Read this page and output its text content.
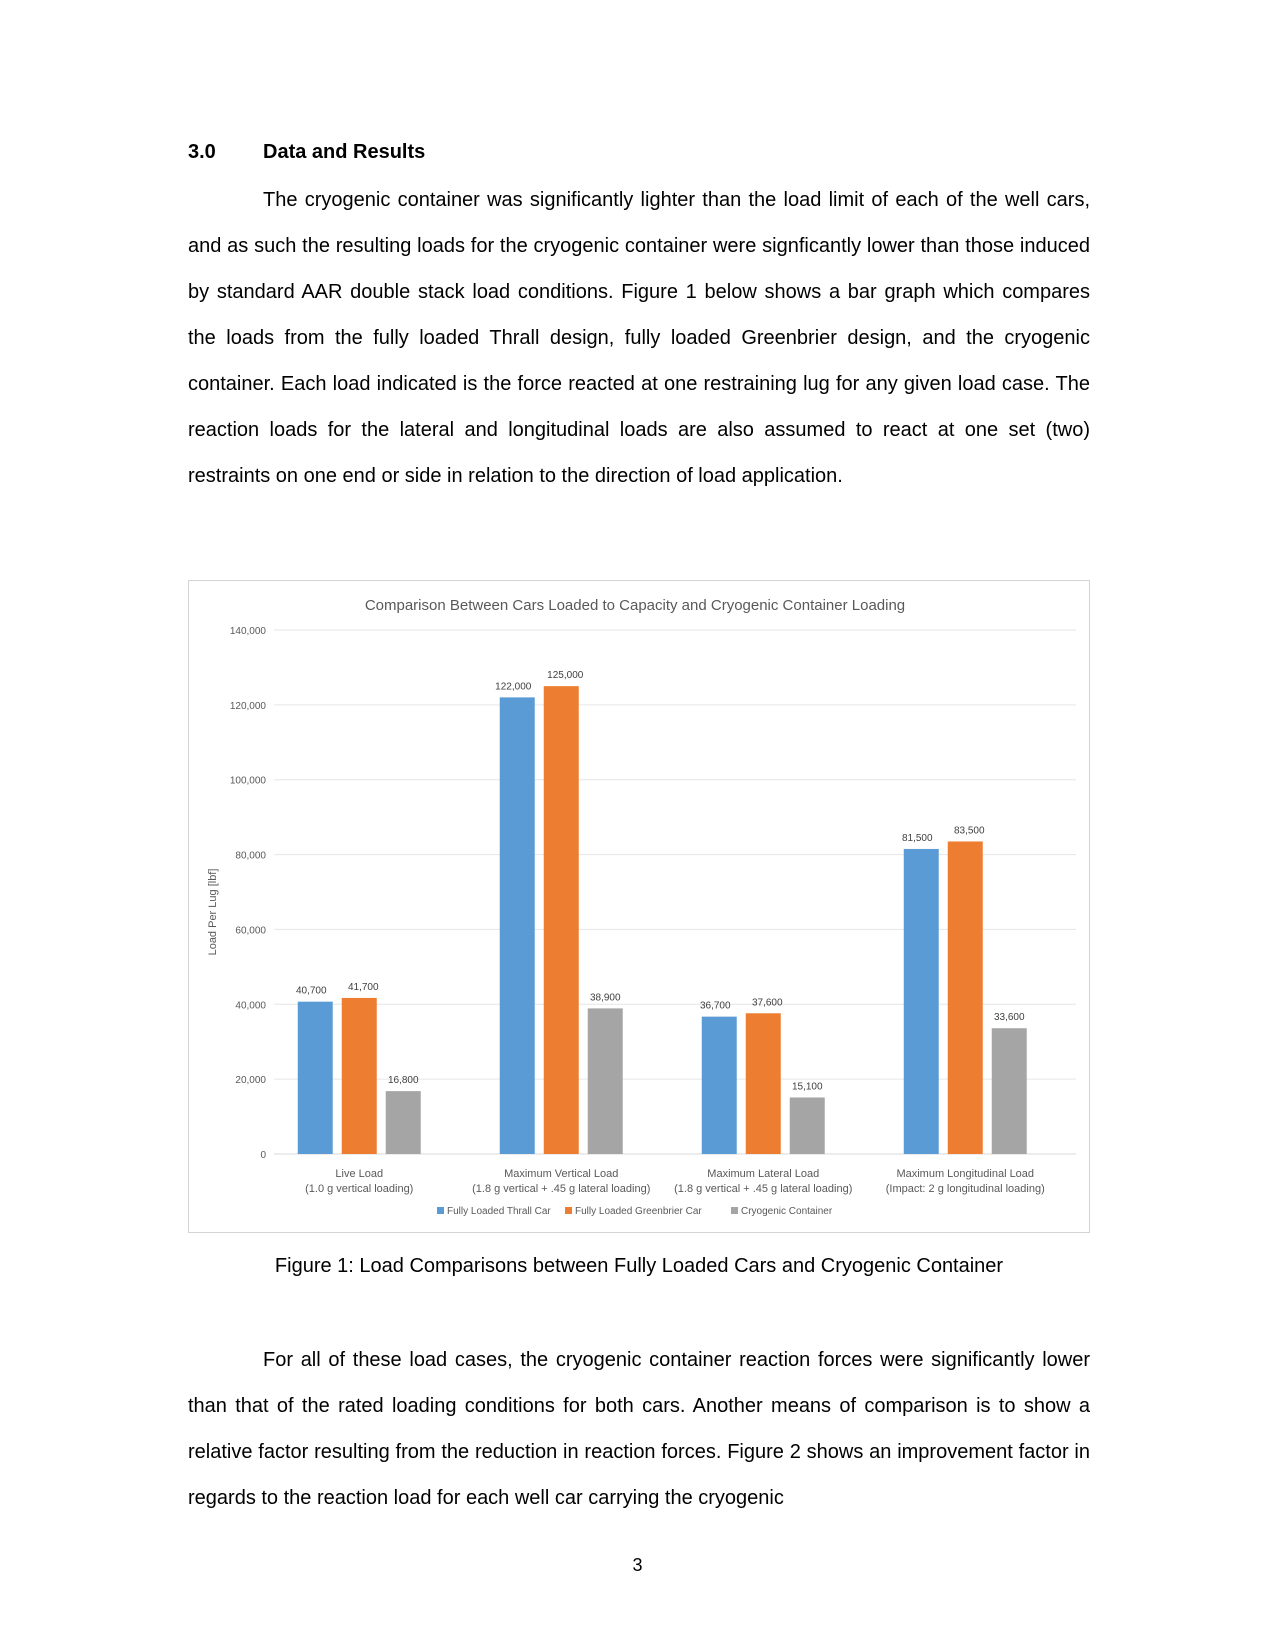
3.0 Data and Results

The cryogenic container was significantly lighter than the load limit of each of the well cars, and as such the resulting loads for the cryogenic container were signficantly lower than those induced by standard AAR double stack load conditions. Figure 1 below shows a bar graph which compares the loads from the fully loaded Thrall design, fully loaded Greenbrier design, and the cryogenic container. Each load indicated is the force reacted at one restraining lug for any given load case. The reaction loads for the lateral and longitudinal loads are also assumed to react at one set (two) restraints on one end or side in relation to the direction of load application.

Comparison Between Cars Loaded to Capacity and Cryogenic Container Loading
0
20,000
40,000
60,000
80,000
100,000
120,000
140,000
Load Per Lug [lbf]
40,700 41,700
16,800
Live Load
(1.0 g vertical loading)
122,000
125,000
38,900
Maximum Vertical Load
(1.8 g vertical + .45 g lateral loading)
36,700 37,600
15,100
Maximum Lateral Load
(1.8 g vertical + .45 g lateral loading)
81,500
83,500
33,600
Maximum Longitudinal Load
(Impact: 2 g longitudinal loading)
Fully Loaded Thrall Car Fully Loaded Greenbrier Car	Cryogenic Container
Figure 1: Load Comparisons between Fully Loaded Cars and Cryogenic Container

For all of these load cases, the cryogenic container reaction forces were significantly lower than that of the rated loading conditions for both cars. Another means of comparison is to show a relative factor resulting from the reduction in reaction forces. Figure 2 shows an improvement factor in regards to the reaction load for each well car carrying the cryogenic

3
